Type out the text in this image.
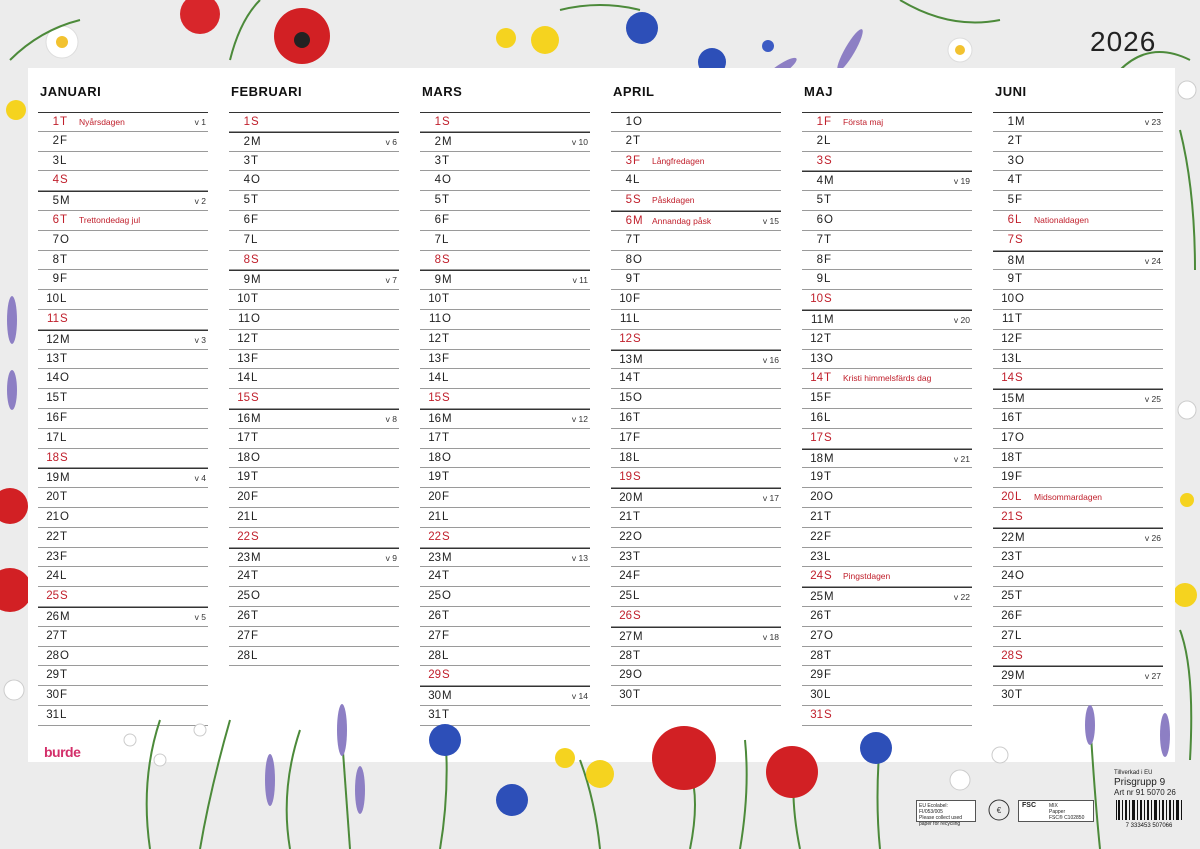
2026
JANUARI
1 T Nyårsdagen	v 1
2 F
3 L
4 S
5 M	v 2
6 T Trettondedag jul
7 O
8 T
9 F
10 L
11 S
12 M	v 3
13 T
14 O
15 T
16 F
17 L
18 S
19 M	v 4
20 T
21 O
22 T
23 F
24 L
25 S
26 M	v 5
27 T
28 O
29 T
30 F
31 L
FEBRUARI
1 S
2 M	v 6
3 T
4 O
5 T
6 F
7 L
8 S
9 M	v 7
10 T
11 O
12 T
13 F
14 L
15 S
16 M	v 8
17 T
18 O
19 T
20 F
21 L
22 S
23 M	v 9
24 T
25 O
26 T
27 F
28 L
MARS
1 S
2 M	v 10
3 T
4 O
5 T
6 F
7 L
8 S
9 M	v 11
10 T
11 O
12 T
13 F
14 L
15 S
16 M	v 12
17 T
18 O
19 T
20 F
21 L
22 S
23 M	v 13
24 T
25 O
26 T
27 F
28 L
29 S
30 M	v 14
31 T
APRIL
1 O
2 T
3 F Långfredagen
4 L
5 S Påskdagen
6 M Annandag påsk	v 15
7 T
8 O
9 T
10 F
11 L
12 S
13 M	v 16
14 T
15 O
16 T
17 F
18 L
19 S
20 M	v 17
21 T
22 O
23 T
24 F
25 L
26 S
27 M	v 18
28 T
29 O
30 T
MAJ
1 F Första maj
2 L
3 S
4 M	v 19
5 T
6 O
7 T
8 F
9 L
10 S
11 M	v 20
12 T
13 O
14 T Kristi himmelsfärds dag
15 F
16 L
17 S
18 M	v 21
19 T
20 O
21 T
22 F
23 L
24 S Pingstdagen
25 M	v 22
26 T
27 O
28 T
29 F
30 L
31 S
JUNI
1 M	v 23
2 T
3 O
4 T
5 F
6 L Nationaldagen
7 S
8 M	v 24
9 T
10 O
11 T
12 F
13 L
14 S
15 M	v 25
16 T
17 O
18 T
19 F
20 L Midsommardagen
21 S
22 M	v 26
23 T
24 O
25 T
26 F
27 L
28 S
29 M	v 27
30 T
burde
EU Ecolabel: FI/053/005
Please collect used paper for recycling
€
FSC	MIX
Papper
FSC® C102850
Tillverkad i EU
Prisgrupp 9
Art nr 91 5070 26
7 333453 507066
